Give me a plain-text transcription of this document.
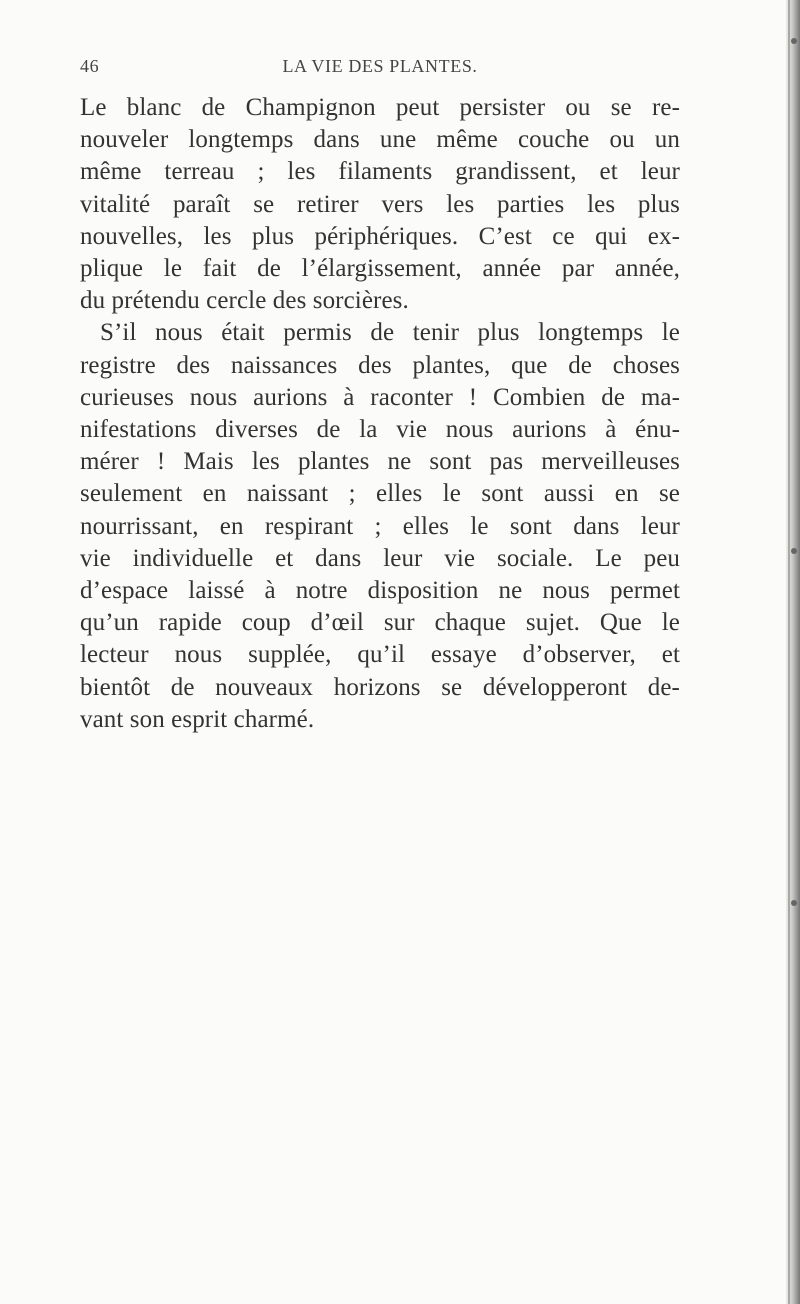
46	LA VIE DES PLANTES.
Le blanc de Champignon peut persister ou se re-
nouveler longtemps dans une même couche ou un
même terreau ; les filaments grandissent, et leur
vitalité paraît se retirer vers les parties les plus
nouvelles, les plus périphériques. C’est ce qui ex-
plique le fait de l’élargissement, année par année,
du prétendu cercle des sorcières.
S’il nous était permis de tenir plus longtemps le
registre des naissances des plantes, que de choses
curieuses nous aurions à raconter ! Combien de ma-
nifestations diverses de la vie nous aurions à énu-
mérer ! Mais les plantes ne sont pas merveilleuses
seulement en naissant ; elles le sont aussi en se
nourrissant, en respirant ; elles le sont dans leur
vie individuelle et dans leur vie sociale. Le peu
d’espace laissé à notre disposition ne nous permet
qu’un rapide coup d’œil sur chaque sujet. Que le
lecteur nous supplée, qu’il essaye d’observer, et
bientôt de nouveaux horizons se développeront de-
vant son esprit charmé.
